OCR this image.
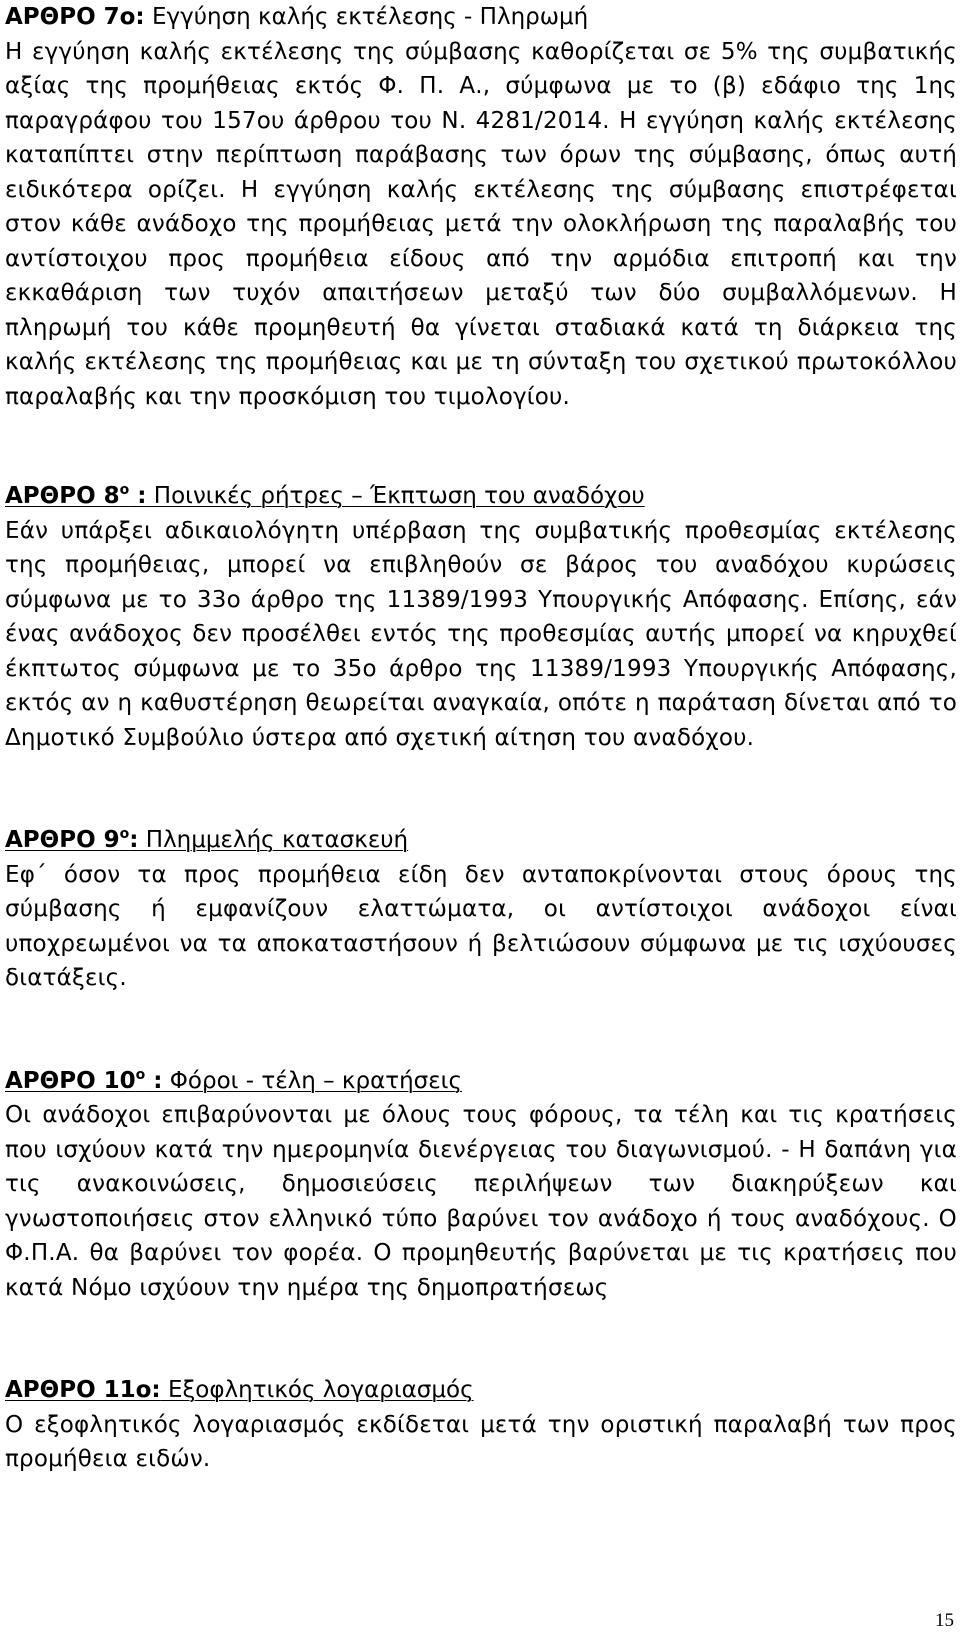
ΑΡΘΡΟ 7ο: Εγγύηση καλής εκτέλεσης - Πληρωμή

Η εγγύηση καλής εκτέλεσης της σύμβασης καθορίζεται σε 5% της συμβατικής αξίας της προμήθειας εκτός Φ. Π. Α., σύμφωνα με το (β) εδάφιο της 1ης παραγράφου του 157ου άρθρου του Ν. 4281/2014. Η εγγύηση καλής εκτέλεσης καταπίπτει στην περίπτωση παράβασης των όρων της σύμβασης, όπως αυτή ειδικότερα ορίζει. Η εγγύηση καλής εκτέλεσης της σύμβασης επιστρέφεται στον κάθε ανάδοχο της προμήθειας μετά την ολοκλήρωση της παραλαβής του αντίστοιχου προς προμήθεια είδους από την αρμόδια επιτροπή και την εκκαθάριση των τυχόν απαιτήσεων μεταξύ των δύο συμβαλλόμενων. Η πληρωμή του κάθε προμηθευτή θα γίνεται σταδιακά κατά τη διάρκεια της καλής εκτέλεσης της προμήθειας και με τη σύνταξη του σχετικού πρωτοκόλλου παραλαβής και την προσκόμιση του τιμολογίου.

ΑΡΘΡΟ $8^o$ : Ποινικές ρήτρες – Έκπτωση του αναδόχου

Εάν υπάρξει αδικαιολόγητη υπέρβαση της συμβατικής προθεσμίας εκτέλεσης της προμήθειας, μπορεί να επιβληθούν σε βάρος του αναδόχου κυρώσεις σύμφωνα με το 33ο άρθρο της 11389/1993 Υπουργικής Απόφασης. Επίσης, εάν ένας ανάδοχος δεν προσέλθει εντός της προθεσμίας αυτής μπορεί να κηρυχθεί έκπτωτος σύμφωνα με το 35ο άρθρο της 11389/1993 Υπουργικής Απόφασης, εκτός αν η καθυστέρηση θεωρείται αναγκαία, οπότε η παράταση δίνεται από το Δημοτικό Συμβούλιο ύστερα από σχετική αίτηση του αναδόχου.

ΑΡΘΡΟ $9^o$: Πλημμελής κατασκευή

Εφ΄ όσον τα προς προμήθεια είδη δεν ανταποκρίνονται στους όρους της σύμβασης ή εμφανίζουν ελαττώματα, οι αντίστοιχοι ανάδοχοι είναι υποχρεωμένοι να τα αποκαταστήσουν ή βελτιώσουν σύμφωνα με τις ισχύουσες διατάξεις.

ΑΡΘΡΟ $10^o$ : Φόροι - τέλη – κρατήσεις

Οι ανάδοχοι επιβαρύνονται με όλους τους φόρους, τα τέλη και τις κρατήσεις που ισχύουν κατά την ημερομηνία διενέργειας του διαγωνισμού. - Η δαπάνη για τις ανακοινώσεις, δημοσιεύσεις περιλήψεων των διακηρύξεων και γνωστοποιήσεις στον ελληνικό τύπο βαρύνει τον ανάδοχο ή τους αναδόχους. Ο Φ.Π.Α. θα βαρύνει τον φορέα. Ο προμηθευτής βαρύνεται με τις κρατήσεις που κατά Νόμο ισχύουν την ημέρα της δημοπρατήσεως

ΑΡΘΡΟ 11ο: Εξοφλητικός λογαριασμός

Ο εξοφλητικός λογαριασμός εκδίδεται μετά την οριστική παραλαβή των προς προμήθεια ειδών.

15
